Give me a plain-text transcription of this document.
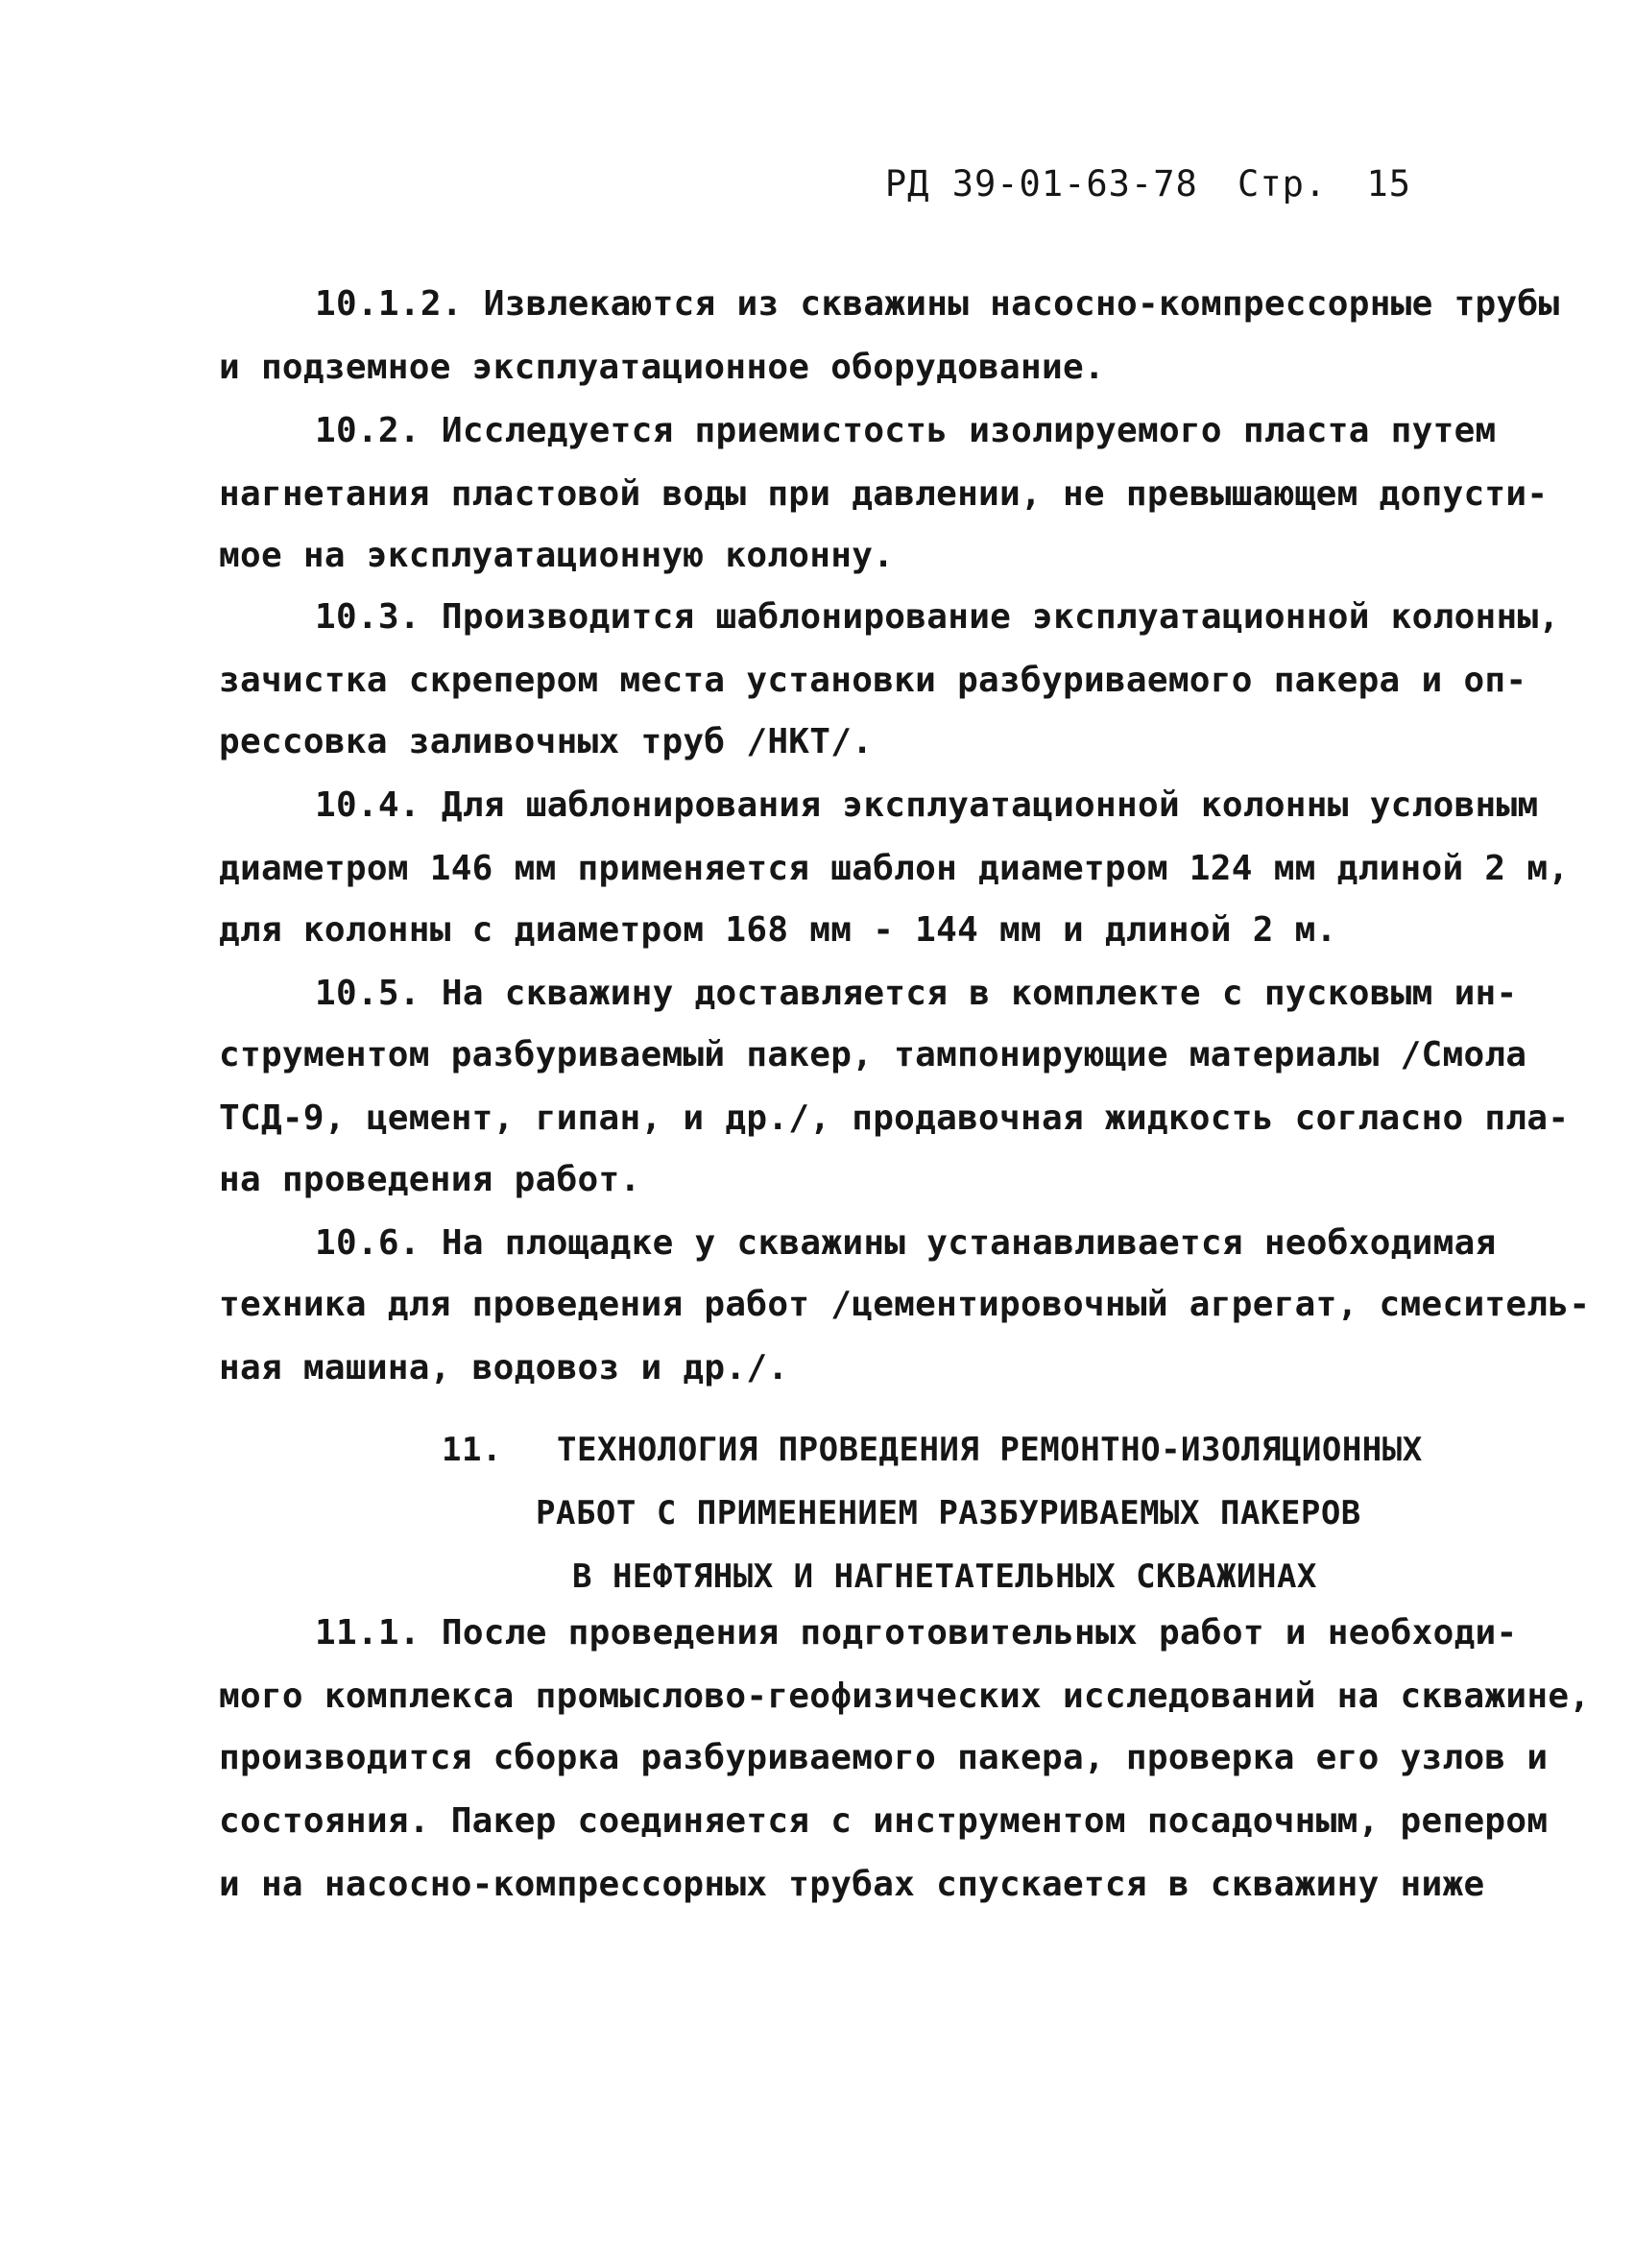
РД 39-01-63-78 Стр. 15
10.1.2. Извлекаются из скважины насосно-компрессорные трубы
и подземное эксплуатационное оборудование.
10.2. Исследуется приемистость изолируемого пласта путем
нагнетания пластовой воды при давлении, не превышающем допусти-
мое на эксплуатационную колонну.
10.3. Производится шаблонирование эксплуатационной колонны,
зачистка скрепером места установки разбуриваемого пакера и оп-
рессовка заливочных труб /НКТ/.
10.4. Для шаблонирования эксплуатационной колонны условным
диаметром 146 мм применяется шаблон диаметром 124 мм длиной 2 м,
для колонны с диаметром 168 мм - 144 мм и длиной 2 м.
10.5. На скважину доставляется в комплекте с пусковым ин-
струментом разбуриваемый пакер, тампонирующие материалы /Смола
ТСД-9, цемент, гипан, и др./, продавочная жидкость согласно пла-
на проведения работ.
10.6. На площадке у скважины устанавливается необходимая
техника для проведения работ /цементировочный агрегат, смеситель-
ная машина, водовоз и др./.
11. ТЕХНОЛОГИЯ ПРОВЕДЕНИЯ РЕМОНТНО-ИЗОЛЯЦИОННЫХ
РАБОТ С ПРИМЕНЕНИЕМ РАЗБУРИВАЕМЫХ ПАКЕРОВ
В НЕФТЯНЫХ И НАГНЕТАТЕЛЬНЫХ СКВАЖИНАХ
11.1. После проведения подготовительных работ и необходи-
мого комплекса промыслово-геофизических исследований на скважине,
производится сборка разбуриваемого пакера, проверка его узлов и
состояния. Пакер соединяется с инструментом посадочным, репером
и на насосно-компрессорных трубах спускается в скважину ниже
